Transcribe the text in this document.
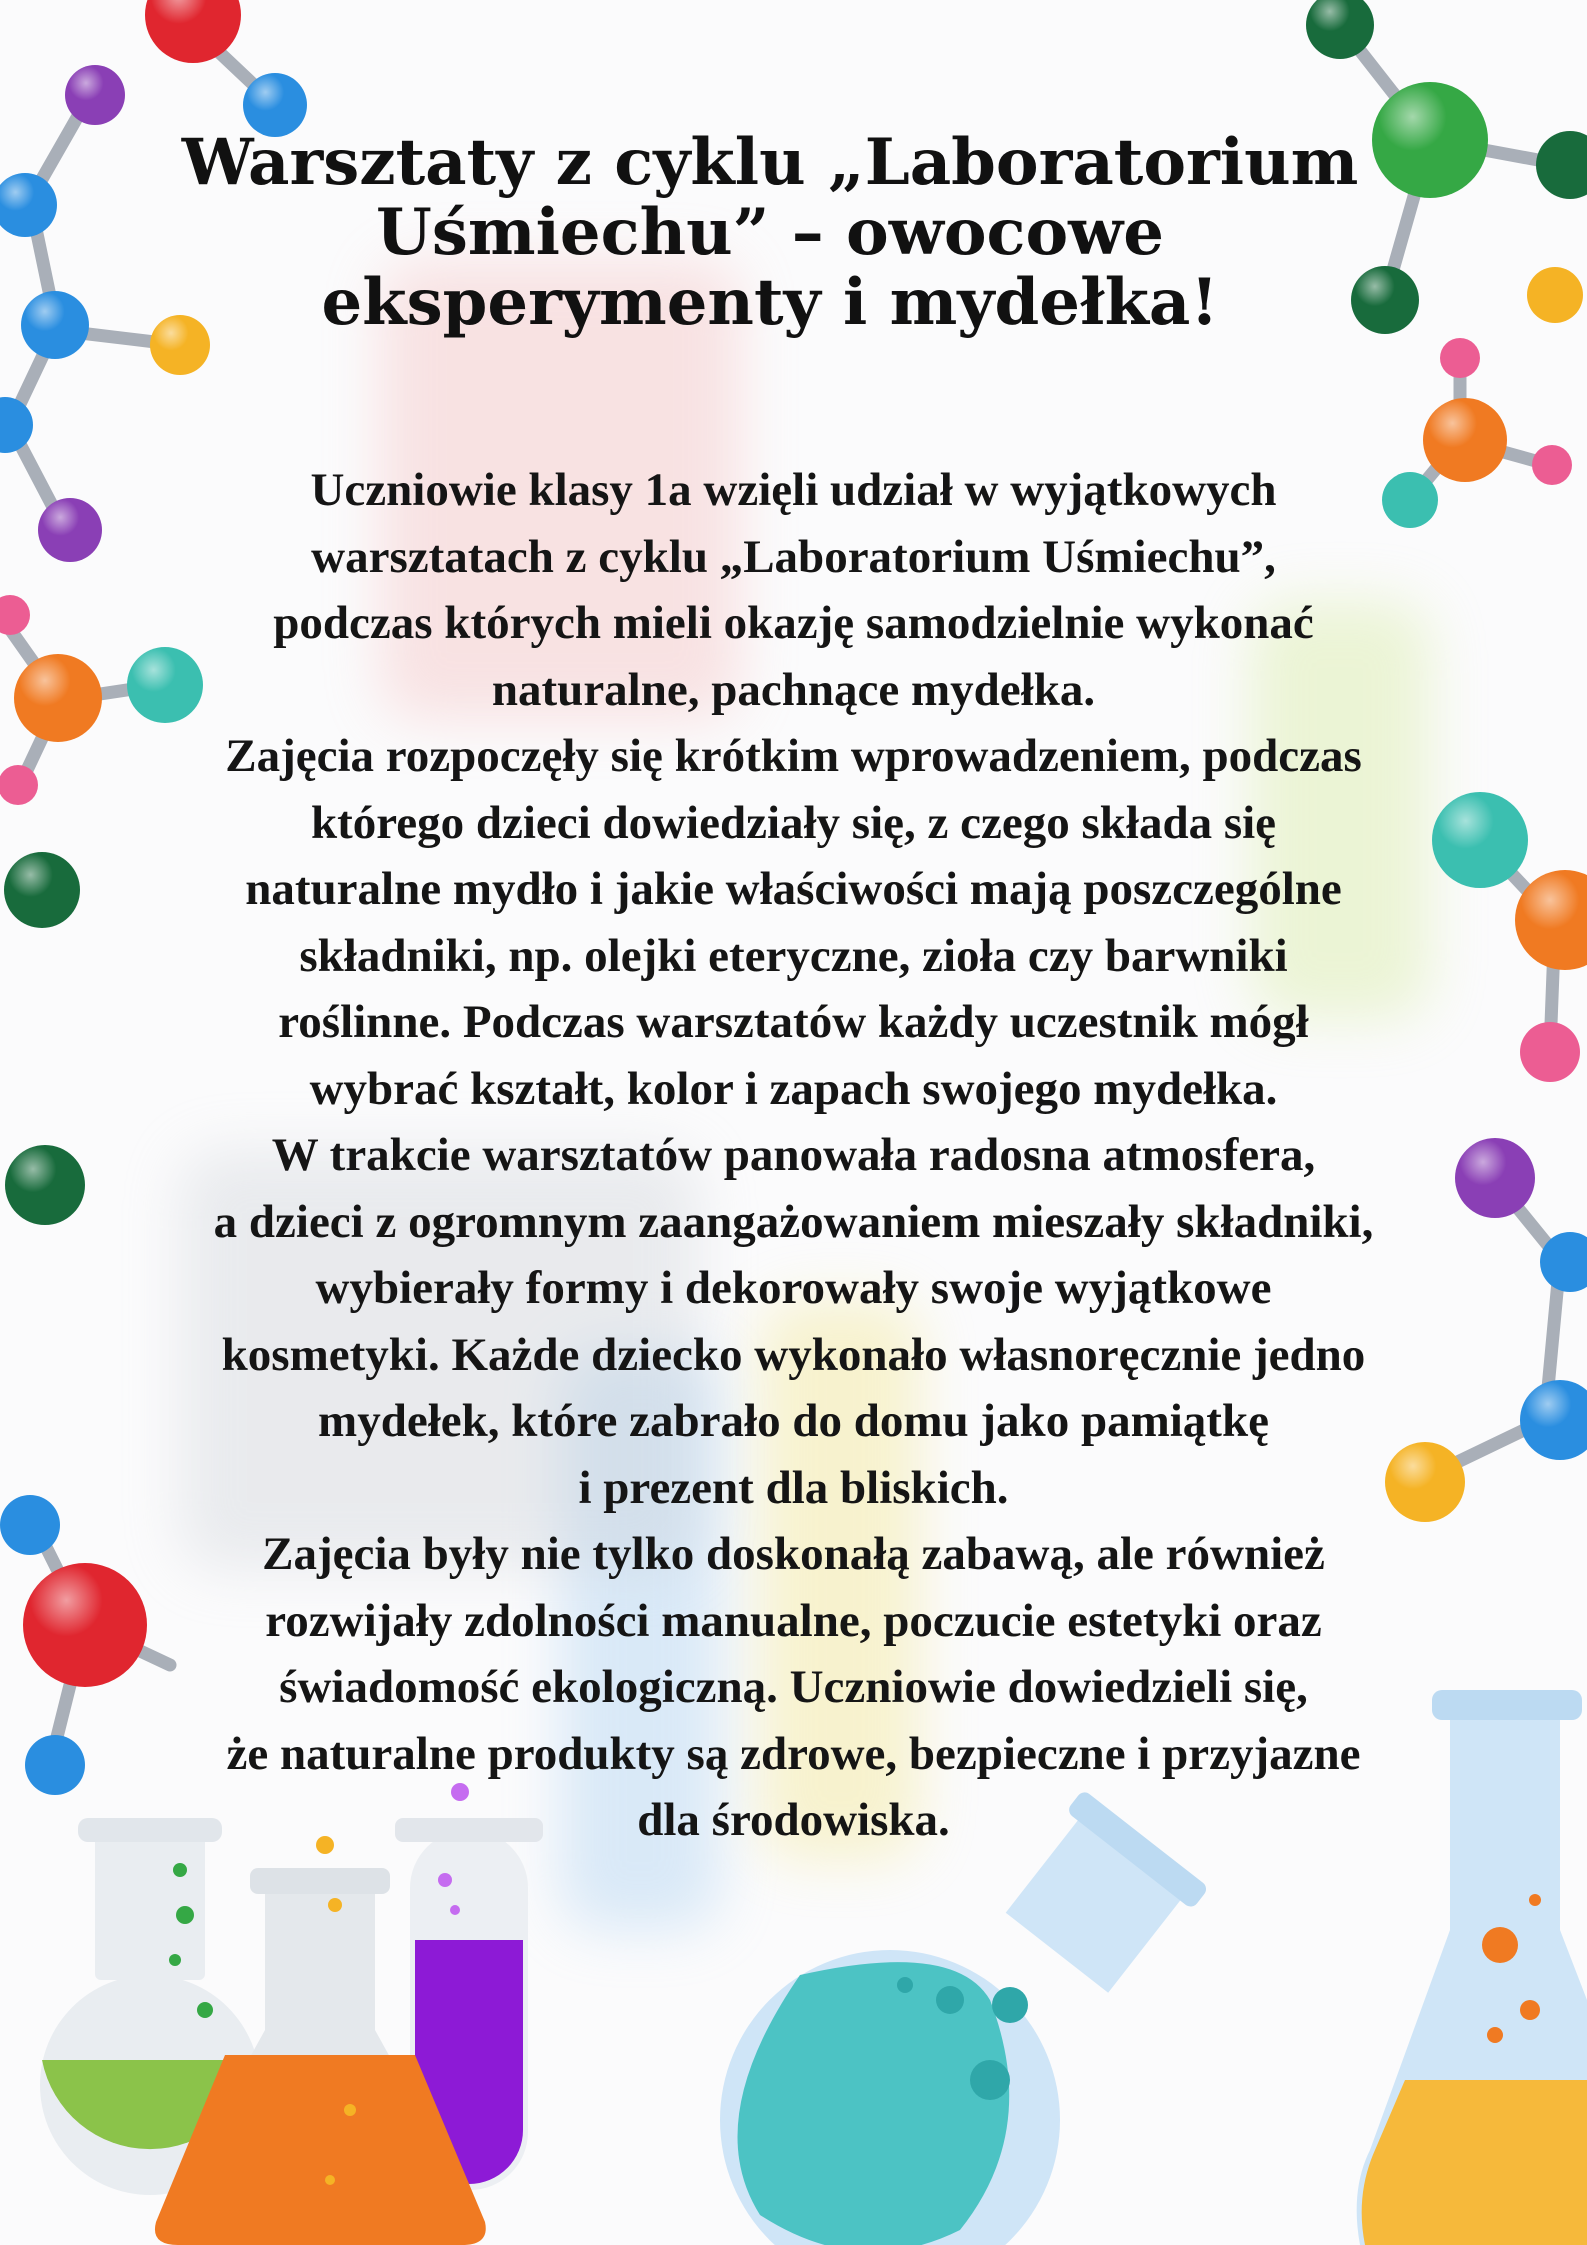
Warsztaty z cyklu „Laboratorium
Uśmiechu” – owocowe
eksperymenty i mydełka!
Uczniowie klasy 1a wzięli udział w wyjątkowych
warsztatach z cyklu „Laboratorium Uśmiechu”,
podczas których mieli okazję samodzielnie wykonać
naturalne, pachnące mydełka.
Zajęcia rozpoczęły się krótkim wprowadzeniem, podczas
którego dzieci dowiedziały się, z czego składa się
naturalne mydło i jakie właściwości mają poszczególne
składniki, np. olejki eteryczne, zioła czy barwniki
roślinne. Podczas warsztatów każdy uczestnik mógł
wybrać kształt, kolor i zapach swojego mydełka.
W trakcie warsztatów panowała radosna atmosfera,
a dzieci z ogromnym zaangażowaniem mieszały składniki,
wybierały formy i dekorowały swoje wyjątkowe
kosmetyki. Każde dziecko wykonało własnoręcznie jedno
mydełek, które zabrało do domu jako pamiątkę
i prezent dla bliskich.
Zajęcia były nie tylko doskonałą zabawą, ale również
rozwijały zdolności manualne, poczucie estetyki oraz
świadomość ekologiczną. Uczniowie dowiedzieli się,
że naturalne produkty są zdrowe, bezpieczne i przyjazne
dla środowiska.
